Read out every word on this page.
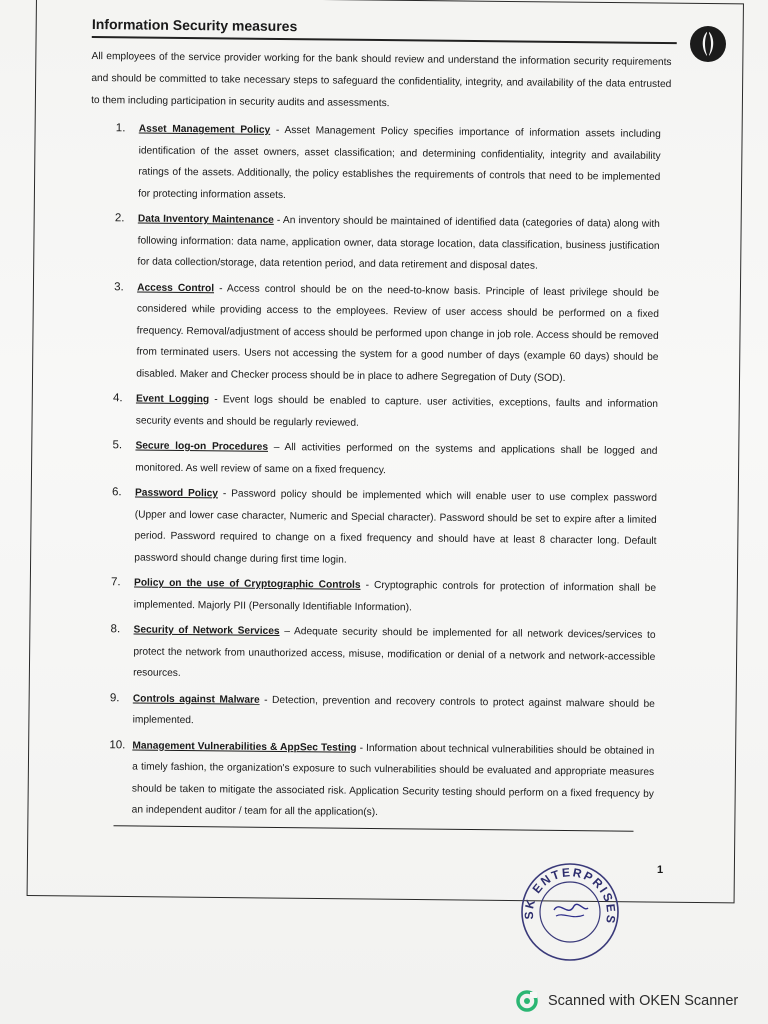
Information Security measures

All employees of the service provider working for the bank should review and understand the information security requirements and should be committed to take necessary steps to safeguard the confidentiality, integrity, and availability of the data entrusted to them including participation in security audits and assessments.

1. Asset Management Policy - Asset Management Policy specifies importance of information assets including identification of the asset owners, asset classification; and determining confidentiality, integrity and availability ratings of the assets. Additionally, the policy establishes the requirements of controls that need to be implemented for protecting information assets.
2. Data Inventory Maintenance - An inventory should be maintained of identified data (categories of data) along with following information: data name, application owner, data storage location, data classification, business justification for data collection/storage, data retention period, and data retirement and disposal dates.
3. Access Control - Access control should be on the need-to-know basis. Principle of least privilege should be considered while providing access to the employees. Review of user access should be performed on a fixed frequency. Removal/adjustment of access should be performed upon change in job role. Access should be removed from terminated users. Users not accessing the system for a good number of days (example 60 days) should be disabled. Maker and Checker process should be in place to adhere Segregation of Duty (SOD).
4. Event Logging - Event logs should be enabled to capture. user activities, exceptions, faults and information security events and should be regularly reviewed.
5. Secure log-on Procedures – All activities performed on the systems and applications shall be logged and monitored. As well review of same on a fixed frequency.
6. Password Policy - Password policy should be implemented which will enable user to use complex password (Upper and lower case character, Numeric and Special character). Password should be set to expire after a limited period. Password required to change on a fixed frequency and should have at least 8 character long. Default password should change during first time login.
7. Policy on the use of Cryptographic Controls - Cryptographic controls for protection of information shall be implemented. Majorly PII (Personally Identifiable Information).
8. Security of Network Services – Adequate security should be implemented for all network devices/services to protect the network from unauthorized access, misuse, modification or denial of a network and network-accessible resources.
9. Controls against Malware - Detection, prevention and recovery controls to protect against malware should be implemented.
10. Management Vulnerabilities & AppSec Testing - Information about technical vulnerabilities should be obtained in a timely fashion, the organization's exposure to such vulnerabilities should be evaluated and appropriate measures should be taken to mitigate the associated risk. Application Security testing should perform on a fixed frequency by an independent auditor / team for all the application(s).
1
SK ENTERPRISES
Scanned with OKEN Scanner
